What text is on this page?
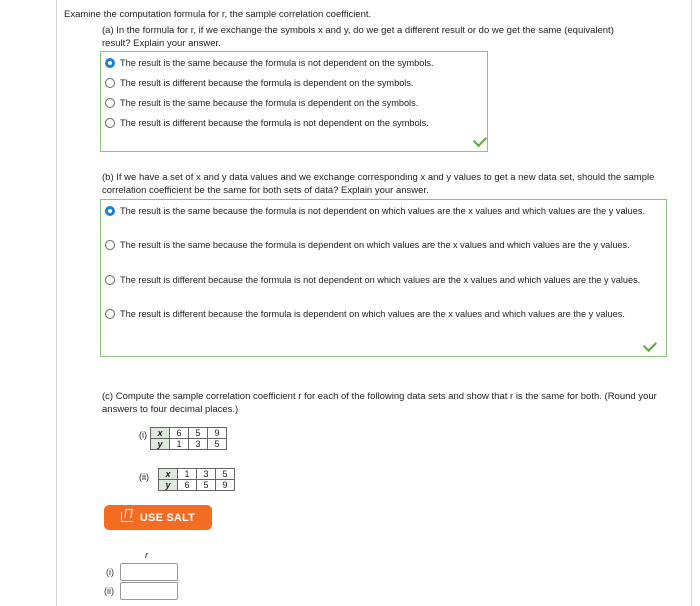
Examine the computation formula for r, the sample correlation coefficient.
(a) In the formula for r, if we exchange the symbols x and y, do we get a different result or do we get the same (equivalent) result? Explain your answer.
The result is the same because the formula is not dependent on the symbols.
The result is different because the formula is dependent on the symbols.
The result is the same because the formula is dependent on the symbols.
The result is different because the formula is not dependent on the symbols.
(b) If we have a set of x and y data values and we exchange corresponding x and y values to get a new data set, should the sample correlation coefficient be the same for both sets of data? Explain your answer.
The result is the same because the formula is not dependent on which values are the x values and which values are the y values.
The result is the same because the formula is dependent on which values are the x values and which values are the y values.
The result is different because the formula is not dependent on which values are the x values and which values are the y values.
The result is different because the formula is dependent on which values are the x values and which values are the y values.
(c) Compute the sample correlation coefficient r for each of the following data sets and show that r is the same for both. (Round your answers to four decimal places.)
(i) x	6	5	9
y	1	3	5
(ii) x	1	3	5
y	6	5	9
USE SALT
r
(i)
(ii)
